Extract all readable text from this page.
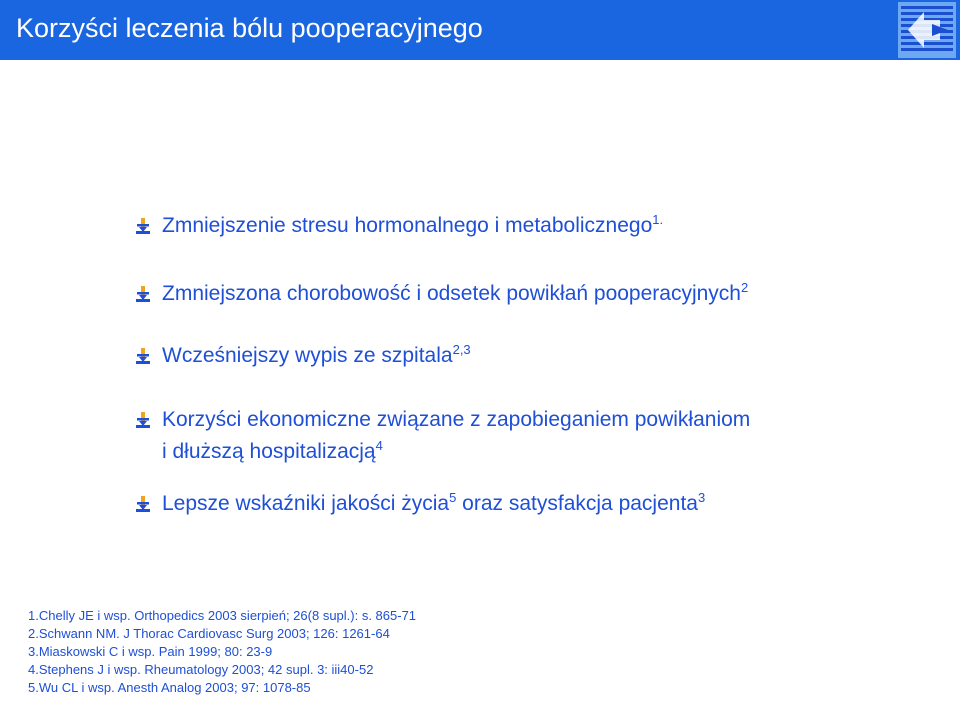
Korzyści leczenia bólu pooperacyjnego
Zmniejszenie stresu hormonalnego i metabolicznego$^{1.}$
Zmniejszona chorobowość i odsetek powikłań pooperacyjnych$^2$
Wcześniejszy wypis ze szpitala$^{2,3}$
Korzyści ekonomiczne związane z zapobieganiem powikłaniom
i dłuższą hospitalizacją$^4$
Lepsze wskaźniki jakości życia$^5$ oraz satysfakcja pacjenta$^3$
1.Chelly JE i wsp. Orthopedics 2003 sierpień; 26(8 supl.): s. 865-71
2.Schwann NM. J Thorac Cardiovasc Surg 2003; 126: 1261-64
3.Miaskowski C i wsp. Pain 1999; 80: 23-9
4.Stephens J i wsp. Rheumatology 2003; 42 supl. 3: iii40-52
5.Wu CL i wsp. Anesth Analog 2003; 97: 1078-85
